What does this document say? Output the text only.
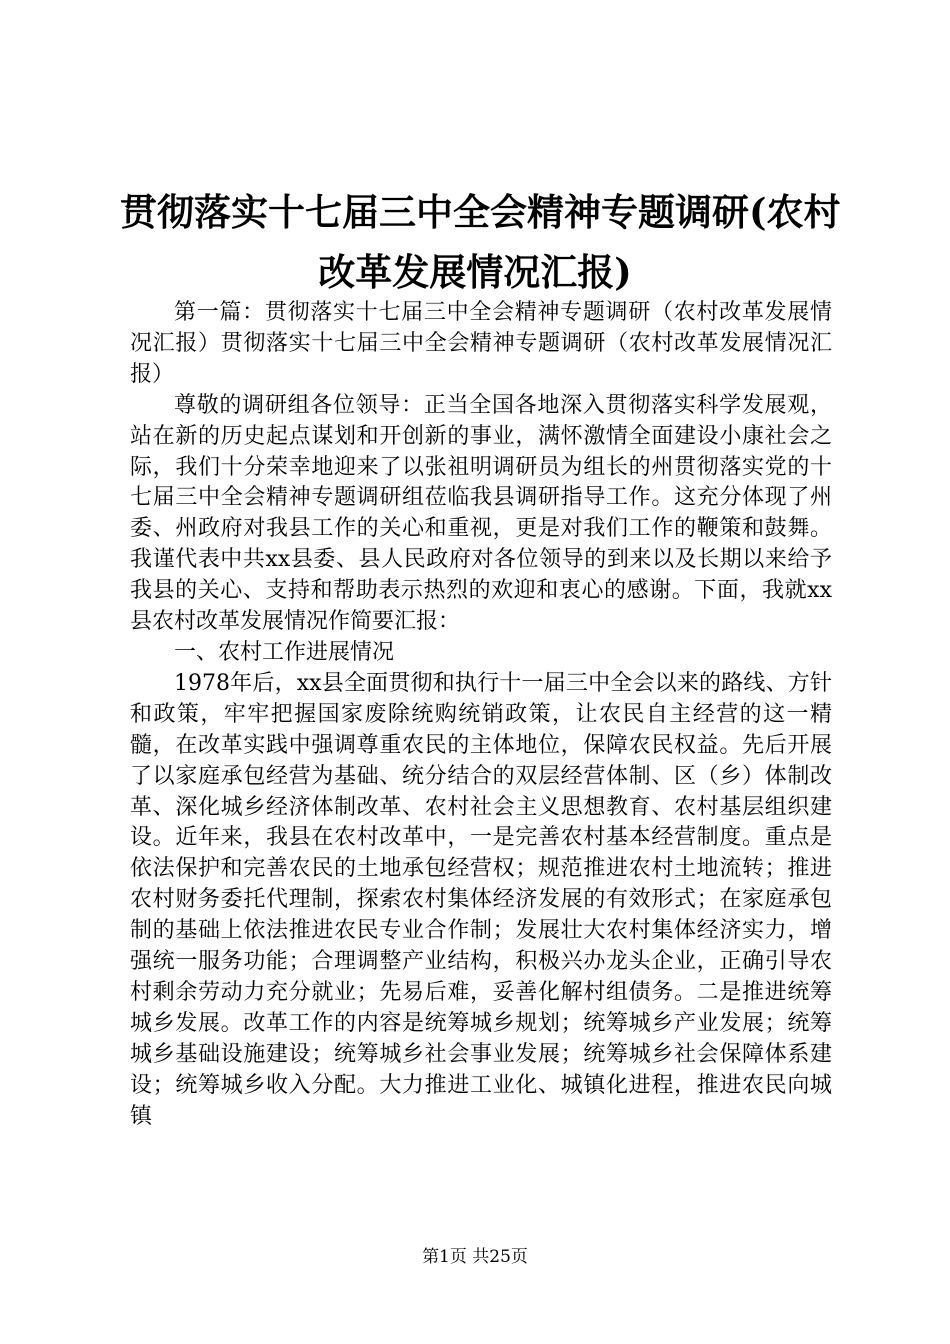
贯彻落实十七届三中全会精神专题调研(农村
改革发展情况汇报)

第一篇：贯彻落实十七届三中全会精神专题调研（农村改革发展情况汇报）贯彻落实十七届三中全会精神专题调研（农村改革发展情况汇报）

尊敬的调研组各位领导：正当全国各地深入贯彻落实科学发展观，站在新的历史起点谋划和开创新的事业，满怀激情全面建设小康社会之际，我们十分荣幸地迎来了以张祖明调研员为组长的州贯彻落实党的十七届三中全会精神专题调研组莅临我县调研指导工作。这充分体现了州委、州政府对我县工作的关心和重视，更是对我们工作的鞭策和鼓舞。我谨代表中共xx县委、县人民政府对各位领导的到来以及长期以来给予我县的关心、支持和帮助表示热烈的欢迎和衷心的感谢。下面，我就xx县农村改革发展情况作简要汇报：

一、农村工作进展情况

1978年后，xx县全面贯彻和执行十一届三中全会以来的路线、方针和政策，牢牢把握国家废除统购统销政策，让农民自主经营的这一精髓，在改革实践中强调尊重农民的主体地位，保障农民权益。先后开展了以家庭承包经营为基础、统分结合的双层经营体制、区（乡）体制改革、深化城乡经济体制改革、农村社会主义思想教育、农村基层组织建设。近年来，我县在农村改革中，一是完善农村基本经营制度。重点是依法保护和完善农民的土地承包经营权；规范推进农村土地流转；推进农村财务委托代理制，探索农村集体经济发展的有效形式；在家庭承包制的基础上依法推进农民专业合作制；发展壮大农村集体经济实力，增强统一服务功能；合理调整产业结构，积极兴办龙头企业，正确引导农村剩余劳动力充分就业；先易后难，妥善化解村组债务。二是推进统筹城乡发展。改革工作的内容是统筹城乡规划；统筹城乡产业发展；统筹城乡基础设施建设；统筹城乡社会事业发展；统筹城乡社会保障体系建设；统筹城乡收入分配。大力推进工业化、城镇化进程，推进农民向城镇

第1页 共25页
